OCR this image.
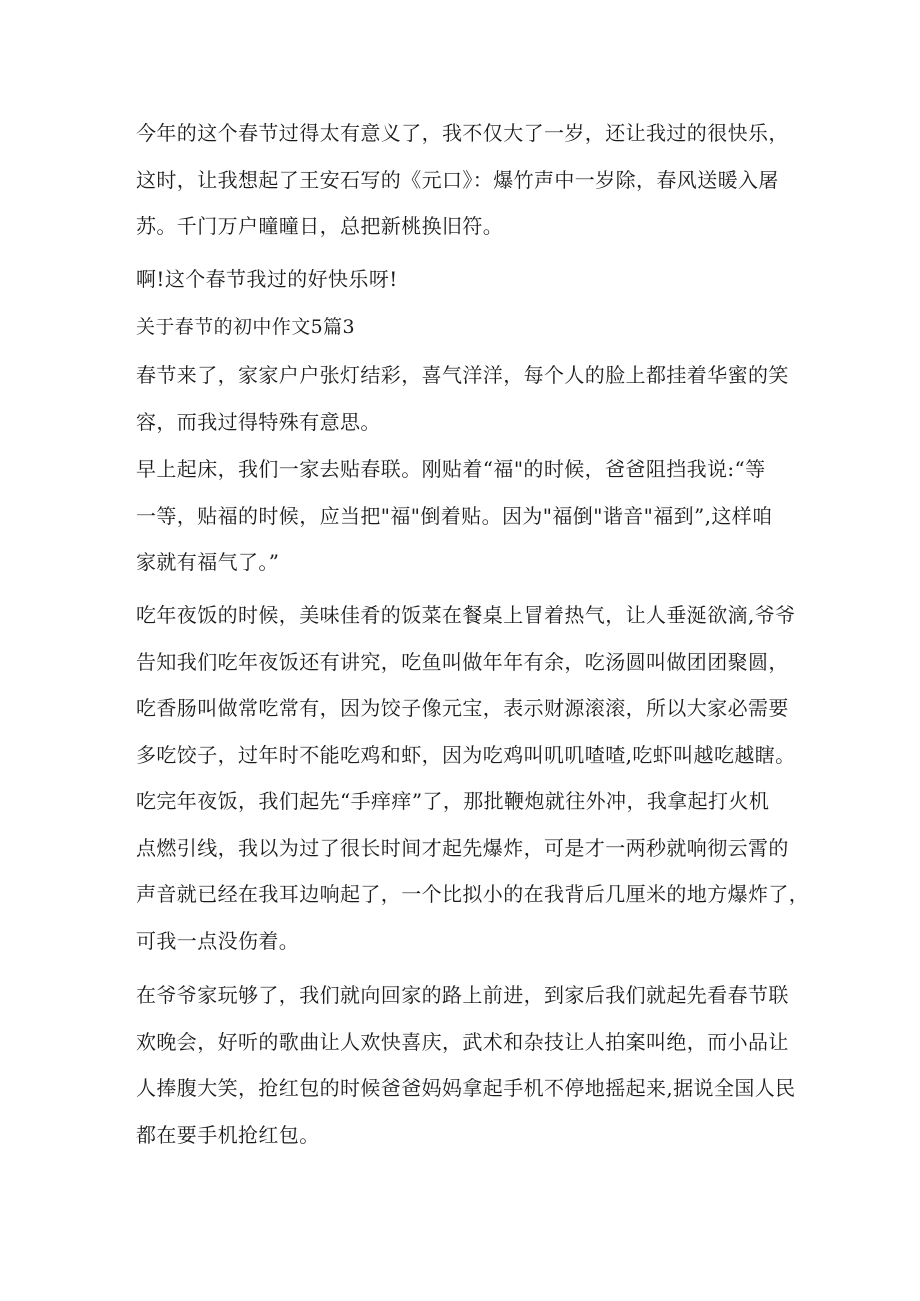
今年的这个春节过得太有意义了，我不仅大了一岁，还让我过的很快乐，
这时，让我想起了王安石写的《元口》：爆竹声中一岁除，春风送暖入屠
苏。千门万户曈曈日，总把新桃换旧符。
啊!这个春节我过的好快乐呀!
关于春节的初中作文5篇3
春节来了，家家户户张灯结彩，喜气洋洋，每个人的脸上都挂着华蜜的笑
容，而我过得特殊有意思。
早上起床，我们一家去贴春联。刚贴着“福"的时候，爸爸阻挡我说:“等
一等，贴福的时候，应当把"福"倒着贴。因为"福倒"谐音"福到”,这样咱
家就有福气了。”
吃年夜饭的时候，美味佳肴的饭菜在餐桌上冒着热气，让人垂涎欲滴,爷爷
告知我们吃年夜饭还有讲究，吃鱼叫做年年有余，吃汤圆叫做团团聚圆，
吃香肠叫做常吃常有，因为饺子像元宝，表示财源滚滚，所以大家必需要
多吃饺子，过年时不能吃鸡和虾，因为吃鸡叫叽叽喳喳,吃虾叫越吃越瞎。
吃完年夜饭，我们起先“手痒痒”了，那批鞭炮就往外冲，我拿起打火机
点燃引线，我以为过了很长时间才起先爆炸，可是才一两秒就响彻云霄的
声音就已经在我耳边响起了，一个比拟小的在我背后几厘米的地方爆炸了，
可我一点没伤着。
在爷爷家玩够了，我们就向回家的路上前进，到家后我们就起先看春节联
欢晚会，好听的歌曲让人欢快喜庆，武术和杂技让人拍案叫绝，而小品让
人捧腹大笑，抢红包的时候爸爸妈妈拿起手机不停地摇起来,据说全国人民
都在要手机抢红包。
